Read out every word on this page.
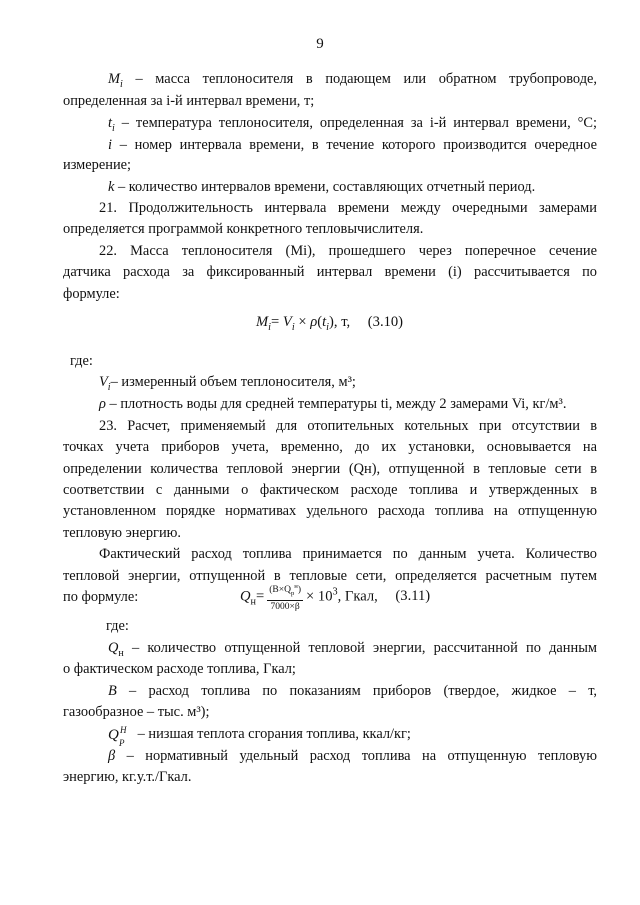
9
$M_i$ – масса теплоносителя в подающем или обратном трубопроводе,
определенная за i-й интервал времени, т;
$t_i$ – температура теплоносителя, определенная за i-й интервал времени, °С;
i – номер интервала времени, в течение которого производится очередное
измерение;
k – количество интервалов времени, составляющих отчетный период.
21. Продолжительность интервала времени между очередными замерами
определяется программой конкретного тепловычислителя.
22. Масса теплоносителя (Mi), прошедшего через поперечное сечение
датчика расхода за фиксированный интервал времени (i) рассчитывается по
формуле:
$M_i= V_i \times \rho(t_i)$, т, (3.10)
где:
$V_i-$ измеренный объем теплоносителя, м³;
ρ – плотность воды для средней температуры ti, между 2 замерами Vi, кг/м³.
23. Расчет, применяемый для отопительных котельных при отсутствии в
точках учета приборов учета, временно, до их установки, основывается на
определении количества тепловой энергии (Qн), отпущенной в тепловые сети в
соответствии с данными о фактическом расходе топлива и утвержденных в
установленном порядке нормативах удельного расхода топлива на отпущенную
тепловую энергию.
Фактический расход топлива принимается по данным учета. Количество
тепловой энергии, отпущенной в тепловые сети, определяется расчетным путем
по формуле:	$Q_н= \frac{(B\times Q_р^н)}{7000\times\beta} \times 10^3$, Гкал, (3.11)
где:
$Q_н$ – количество отпущенной тепловой энергии, рассчитанной по данным
о фактическом расходе топлива, Гкал;
B – расход топлива по показаниям приборов (твердое, жидкое – т,
газообразное – тыс. м³);
Q Н
Р
– низшая теплота сгорания топлива, ккал/кг;
β – нормативный удельный расход топлива на отпущенную тепловую
энергию, кг.у.т./Гкал.
